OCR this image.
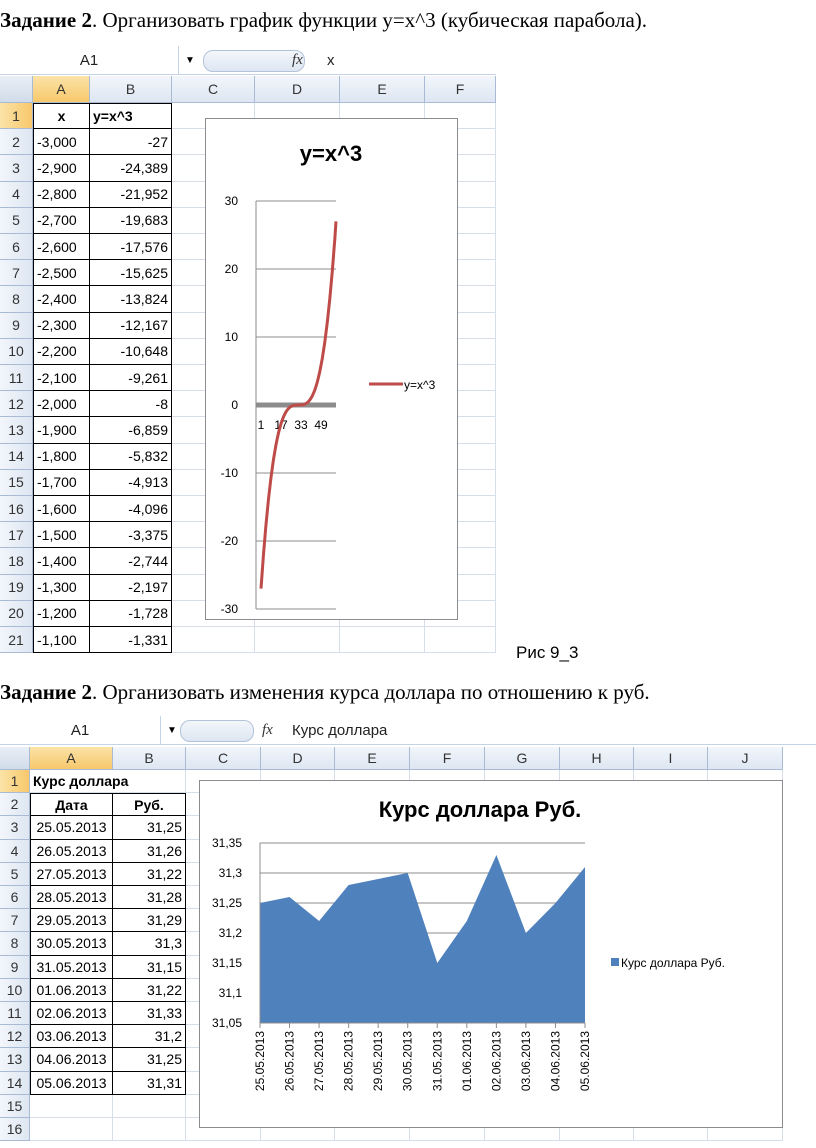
Задание 2. Организовать график функции y=x^3 (кубическая парабола).
A1	▼	fx x
A	B	C	D	E	F
1	x	y=x^3
2	-3,000	-27
3	-2,900	-24,389
4	-2,800	-21,952
5	-2,700	-19,683
6	-2,600	-17,576
7	-2,500	-15,625
8	-2,400	-13,824
9	-2,300	-12,167
10 -2,200	-10,648
11 -2,100	-9,261
12 -2,000	-8
13 -1,900	-6,859
14 -1,800	-5,832
15 -1,700	-4,913
16 -1,600	-4,096
17 -1,500	-3,375
18 -1,400	-2,744
19 -1,300	-2,197
20 -1,200	-1,728
21 -1,100	-1,331
y=x^3
30
20
10
0
-10
-20
-30
1 17 33 49
y=x^3
Рис 9_3
Задание 2. Организовать изменения курса доллара по отношению к руб.
A1	▼	fx Курс доллара
A	B	C	D	E	F	G	H	I	J
1	Курс доллара
2	Дата	Руб.
3	25.05.2013	31,25
4	26.05.2013	31,26
5	27.05.2013	31,22
6	28.05.2013	31,28
7	29.05.2013	31,29
8	30.05.2013	31,3
9	31.05.2013	31,15
10	01.06.2013	31,22
11	02.06.2013	31,33
12	03.06.2013	31,2
13	04.06.2013	31,25
14	05.06.2013	31,31
15
16
Курс доллара Руб.
31,35
31,3
31,25
31,2
31,15
31,1
31,05
25.05.2013 26.05.2013 27.05.2013 28.05.2013 29.05.2013 30.05.2013 31.05.2013 01.06.2013 02.06.2013 03.06.2013 04.06.2013 05.06.2013
Курс доллара Руб.
